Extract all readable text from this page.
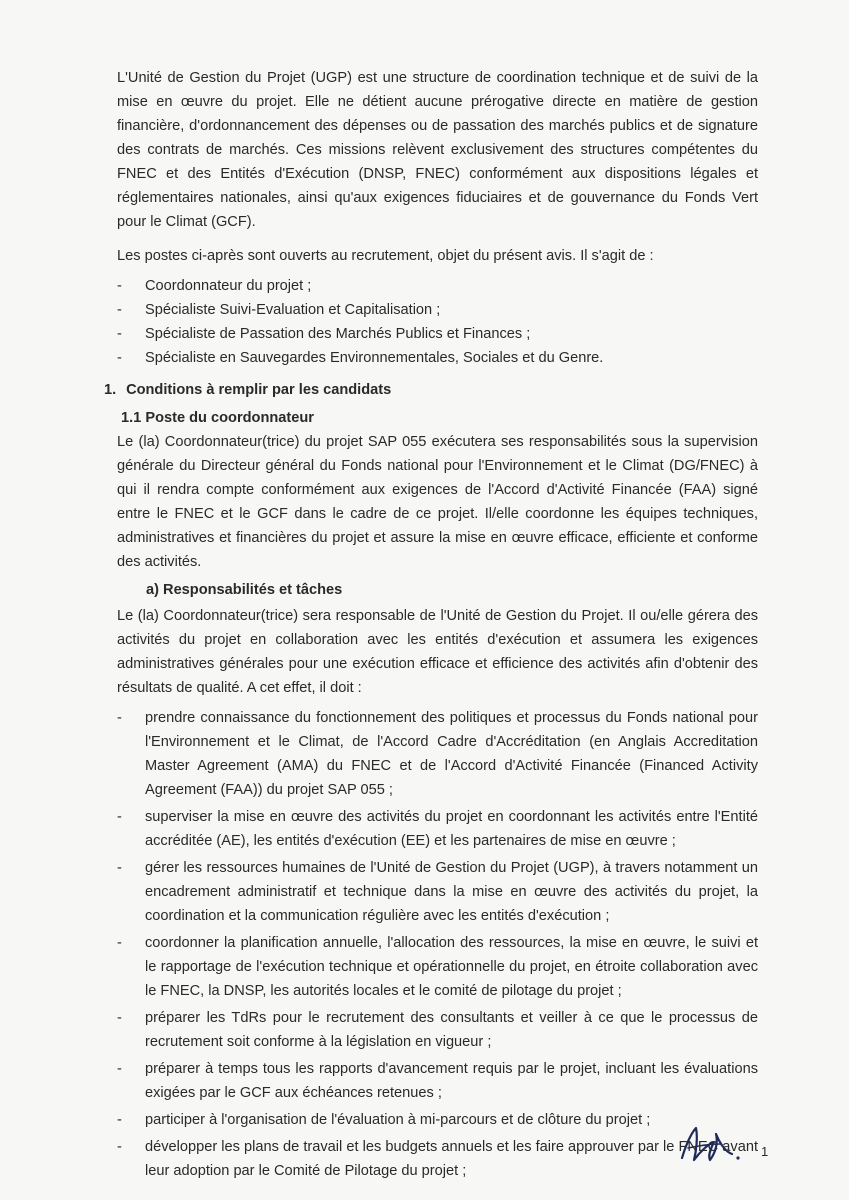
L'Unité de Gestion du Projet (UGP) est une structure de coordination technique et de suivi de la mise en œuvre du projet. Elle ne détient aucune prérogative directe en matière de gestion financière, d'ordonnancement des dépenses ou de passation des marchés publics et de signature des contrats de marchés. Ces missions relèvent exclusivement des structures compétentes du FNEC et des Entités d'Exécution (DNSP, FNEC) conformément aux dispositions légales et réglementaires nationales, ainsi qu'aux exigences fiduciaires et de gouvernance du Fonds Vert pour le Climat (GCF).

Les postes ci-après sont ouverts au recrutement, objet du présent avis. Il s'agit de :

- Coordonnateur du projet ;
- Spécialiste Suivi-Evaluation et Capitalisation ;
- Spécialiste de Passation des Marchés Publics et Finances ;
- Spécialiste en Sauvegardes Environnementales, Sociales et du Genre.
1. Conditions à remplir par les candidats
1.1 Poste du coordonnateur

Le (la) Coordonnateur(trice) du projet SAP 055 exécutera ses responsabilités sous la supervision générale du Directeur général du Fonds national pour l'Environnement et le Climat (DG/FNEC) à qui il rendra compte conformément aux exigences de l'Accord d'Activité Financée (FAA) signé entre le FNEC et le GCF dans le cadre de ce projet. Il/elle coordonne les équipes techniques, administratives et financières du projet et assure la mise en œuvre efficace, efficiente et conforme des activités.

a) Responsabilités et tâches

Le (la) Coordonnateur(trice) sera responsable de l'Unité de Gestion du Projet. Il ou/elle gérera des activités du projet en collaboration avec les entités d'exécution et assumera les exigences administratives générales pour une exécution efficace et efficience des activités afin d'obtenir des résultats de qualité. A cet effet, il doit :

- prendre connaissance du fonctionnement des politiques et processus du Fonds national pour l'Environnement et le Climat, de l'Accord Cadre d'Accréditation (en Anglais Accreditation Master Agreement (AMA) du FNEC et de l'Accord d'Activité Financée (Financed Activity Agreement (FAA)) du projet SAP 055 ;
- superviser la mise en œuvre des activités du projet en coordonnant les activités entre l'Entité accréditée (AE), les entités d'exécution (EE) et les partenaires de mise en œuvre ;
- gérer les ressources humaines de l'Unité de Gestion du Projet (UGP), à travers notamment un encadrement administratif et technique dans la mise en œuvre des activités du projet, la coordination et la communication régulière avec les entités d'exécution ;
- coordonner la planification annuelle, l'allocation des ressources, la mise en œuvre, le suivi et le rapportage de l'exécution technique et opérationnelle du projet, en étroite collaboration avec le FNEC, la DNSP, les autorités locales et le comité de pilotage du projet ;
- préparer les TdRs pour le recrutement des consultants et veiller à ce que le processus de recrutement soit conforme à la législation en vigueur ;
- préparer à temps tous les rapports d'avancement requis par le projet, incluant les évaluations exigées par le GCF aux échéances retenues ;
- participer à l'organisation de l'évaluation à mi-parcours et de clôture du projet ;
- développer les plans de travail et les budgets annuels et les faire approuver par le FNEC avant leur adoption par le Comité de Pilotage du projet ;
1
